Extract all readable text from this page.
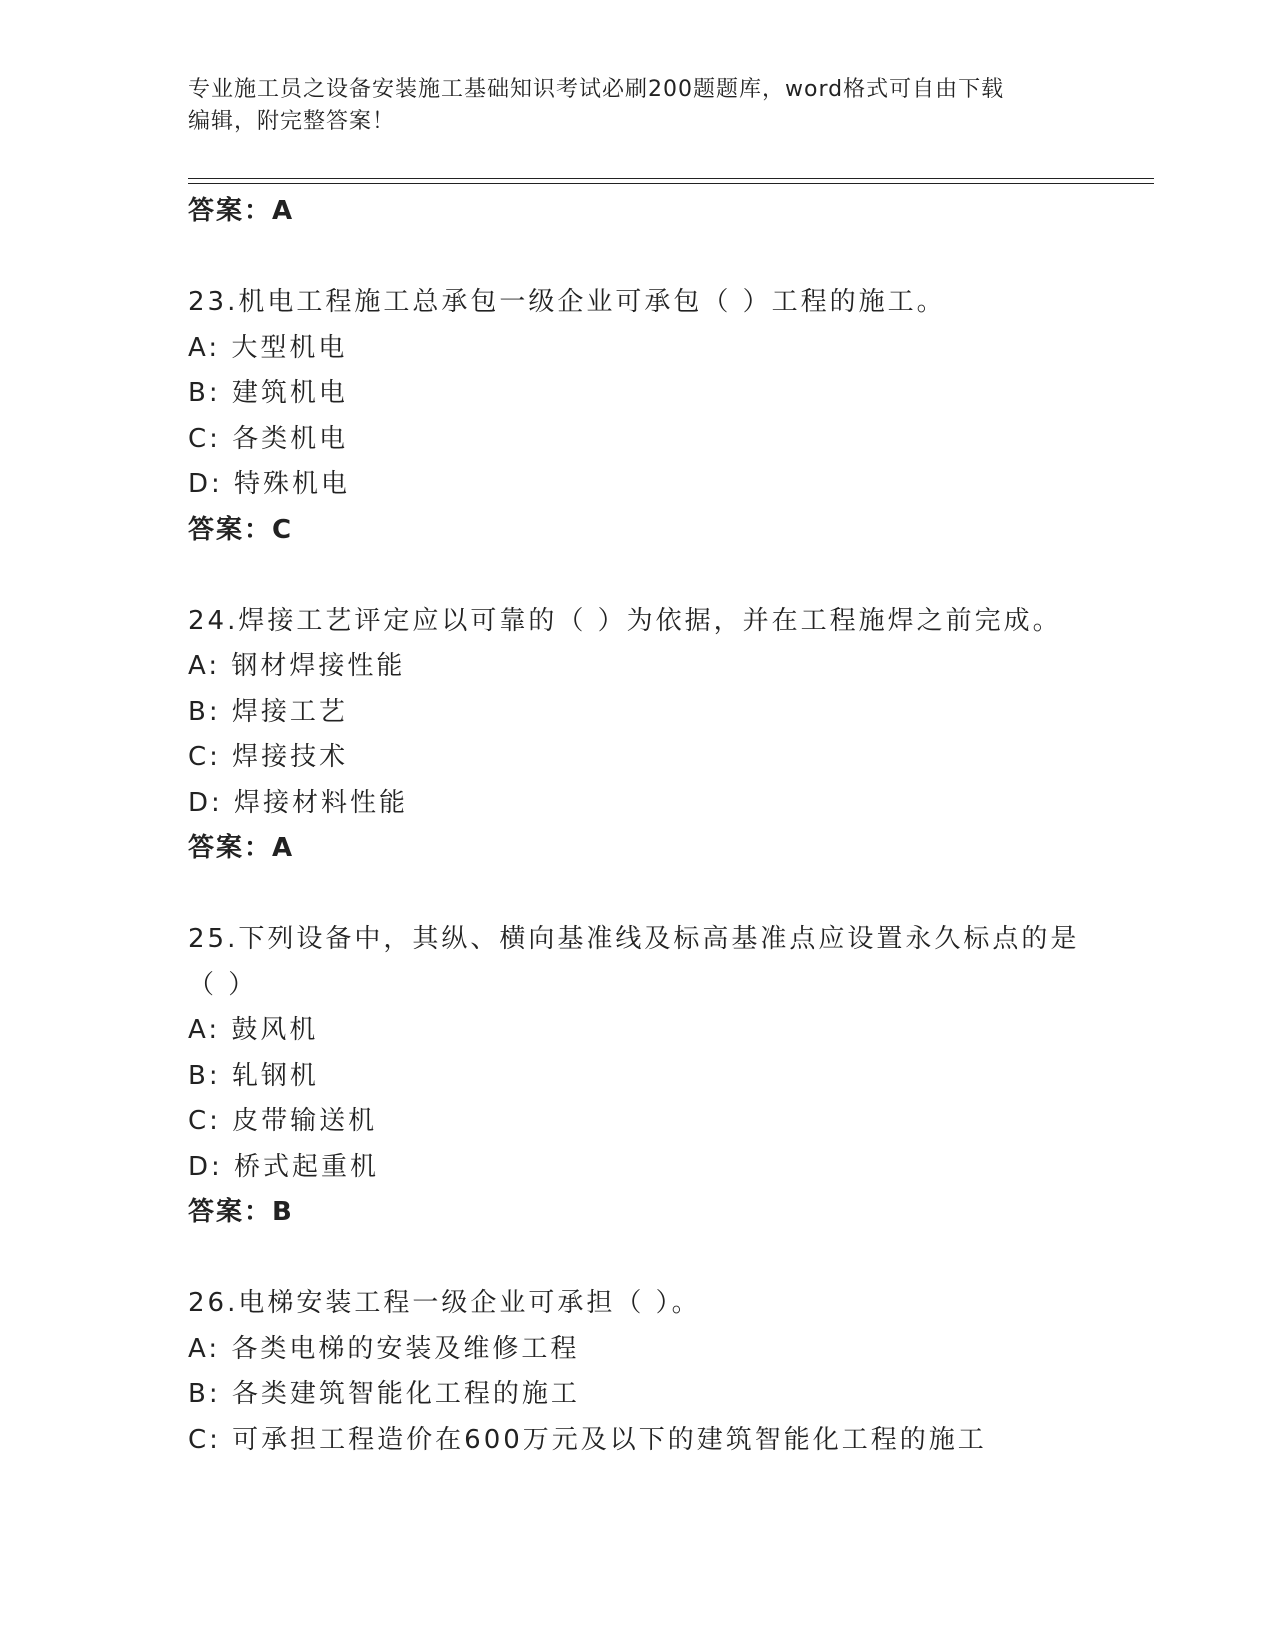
专业施工员之设备安装施工基础知识考试必刷200题题库，word格式可自由下载
编辑，附完整答案！
答案：A
23.机电工程施工总承包一级企业可承包（ ）工程的施工。
A: 大型机电
B: 建筑机电
C: 各类机电
D: 特殊机电
答案：C
24.焊接工艺评定应以可靠的（ ）为依据，并在工程施焊之前完成。
A: 钢材焊接性能
B: 焊接工艺
C: 焊接技术
D: 焊接材料性能
答案：A
25.下列设备中，其纵、横向基准线及标高基准点应设置永久标点的是
（ ）
A: 鼓风机
B: 轧钢机
C: 皮带输送机
D: 桥式起重机
答案：B
26.电梯安装工程一级企业可承担（ ）。
A: 各类电梯的安装及维修工程
B: 各类建筑智能化工程的施工
C: 可承担工程造价在600万元及以下的建筑智能化工程的施工
